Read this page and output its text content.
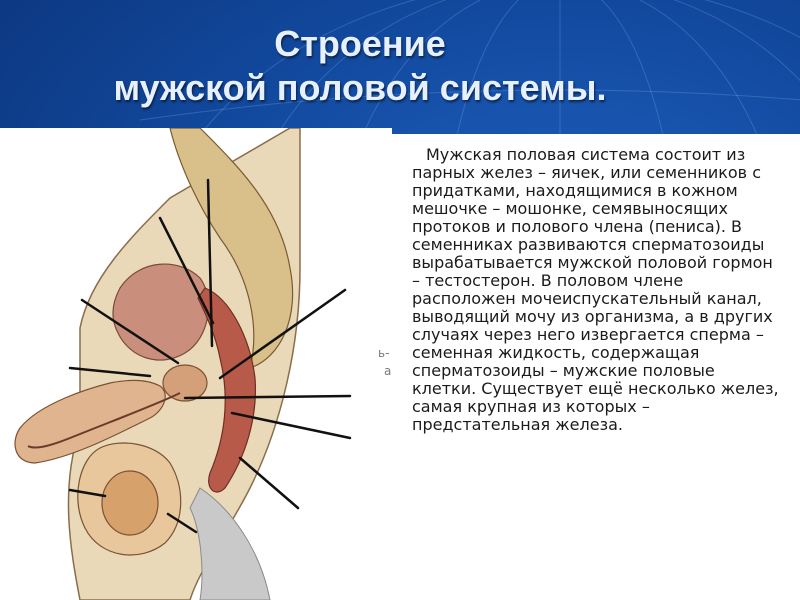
Строение
мужской половой системы.

Мужская половая система состоит из парных желез – яичек, или семенников с придатками, находящимися в кожном мешочке – мошонке, семявыносящих протоков и полового члена (пениса). В семенниках развиваются сперматозоиды вырабатывается мужской половой гормон – тестостерон. В половом члене расположен мочеиспускательный канал, выводящий мочу из организма, а в других случаях через него извергается сперма – семенная жидкость, содержащая сперматозоиды – мужские половые клетки. Существует ещё несколько желез, самая крупная из которых – предстательная железа.

ь-
а
